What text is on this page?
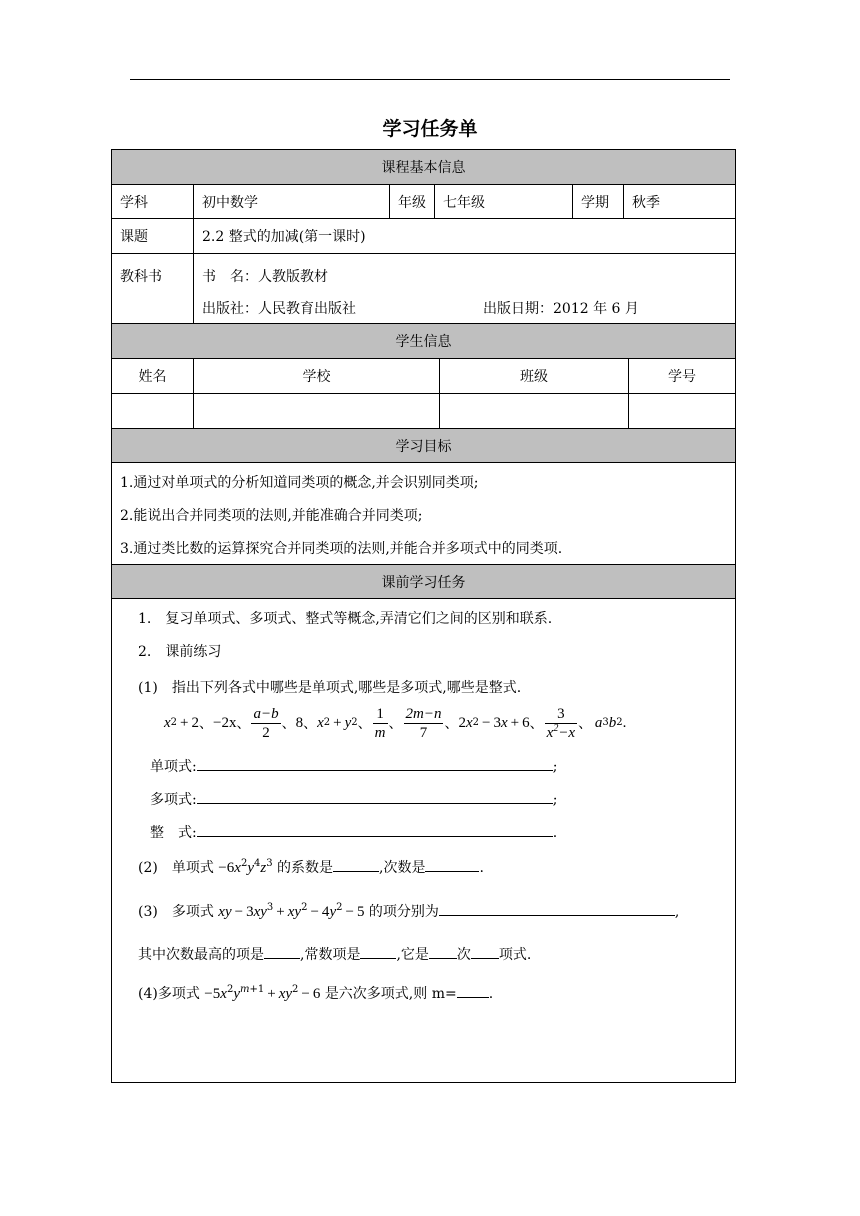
学习任务单
课程基本信息
学科	初中数学	年级	七年级	学期	秋季
课题	2.2 整式的加减(第一课时)
教科书	书　名：人教版教材
出版社：人民教育出版社	出版日期：2012 年 6 月
学生信息
姓名	学校	班级	学号
学习目标
1.通过对单项式的分析知道同类项的概念,并会识别同类项;
2.能说出合并同类项的法则,并能准确合并同类项;
3.通过类比数的运算探究合并同类项的法则,并能合并多项式中的同类项.
课前学习任务
1.　复习单项式、多项式、整式等概念,弄清它们之间的区别和联系.
2.　课前练习
(1)　指出下列各式中哪些是单项式,哪些是多项式,哪些是整式.
x 2  + 2 、 −2x 、 $\frac{a-b}{2}$ 、 8 、 x 2  +  y 2 、 $\frac{1}{m}$ 、 $\frac{2m-n}{7}$ 、 2 x 2  − 3 x  + 6 、 $\frac{3}{x^2-x}$ 、  a 3 b 2 .
单项式:	;
多项式:	;
整　式:	.
(2)　单项式 $-6x^2y^4z^3$ 的系数是	,次数是	.
(3)　多项式 xy − $3xy^3 + xy^2 - 4y^2 - 5$ 的项分别为	,
其中次数最高的项是	,常数项是	,它是 次 项式.
(4)多项式 $-5x^2y^{m+1} + xy^2 - 6$ 是六次多项式,则 m= .
